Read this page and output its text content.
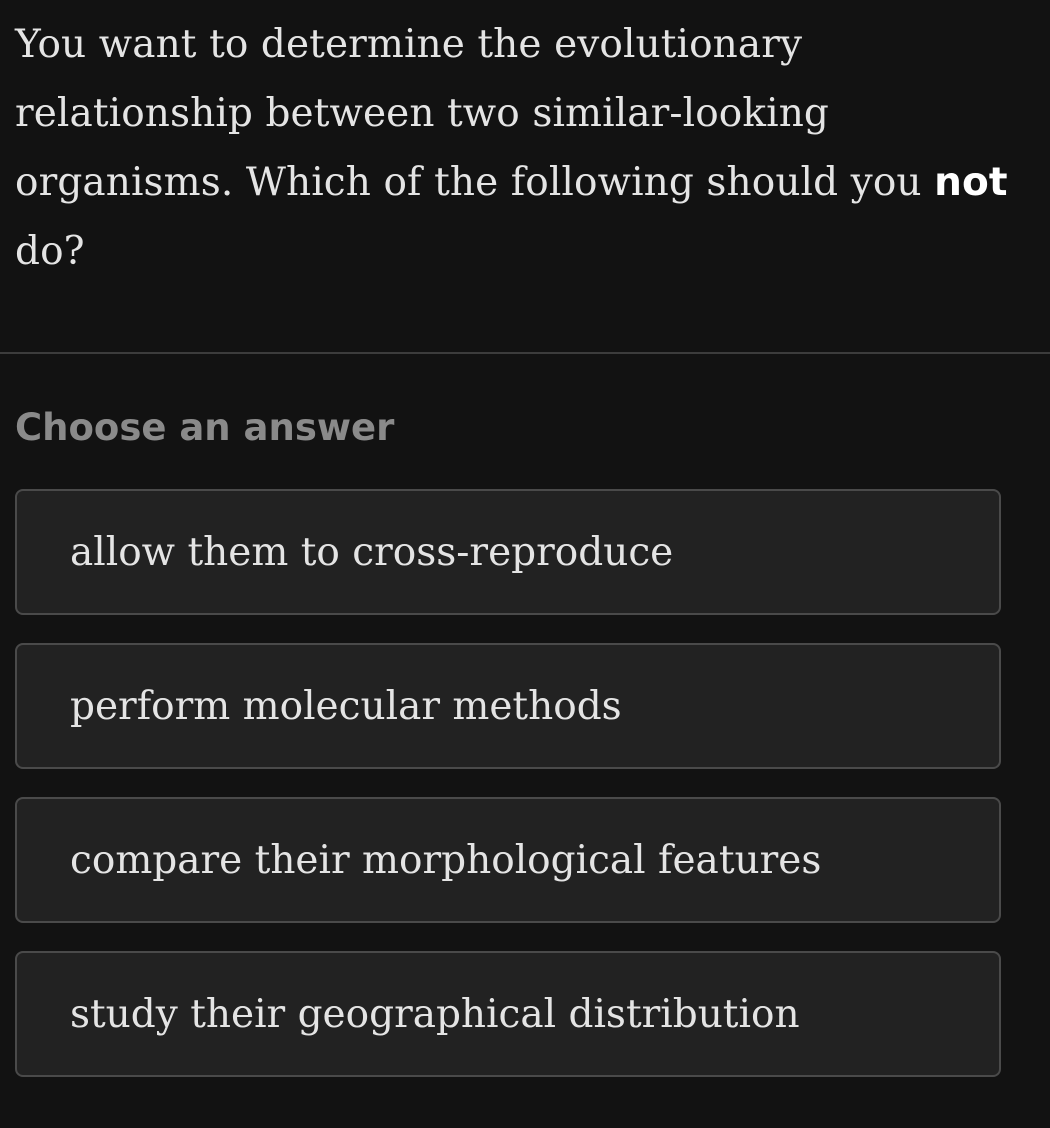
You want to determine the evolutionary relationship between two similar-looking organisms. Which of the following should you not do?

Choose an answer

allow them to cross-reproduce
perform molecular methods
compare their morphological features
study their geographical distribution
